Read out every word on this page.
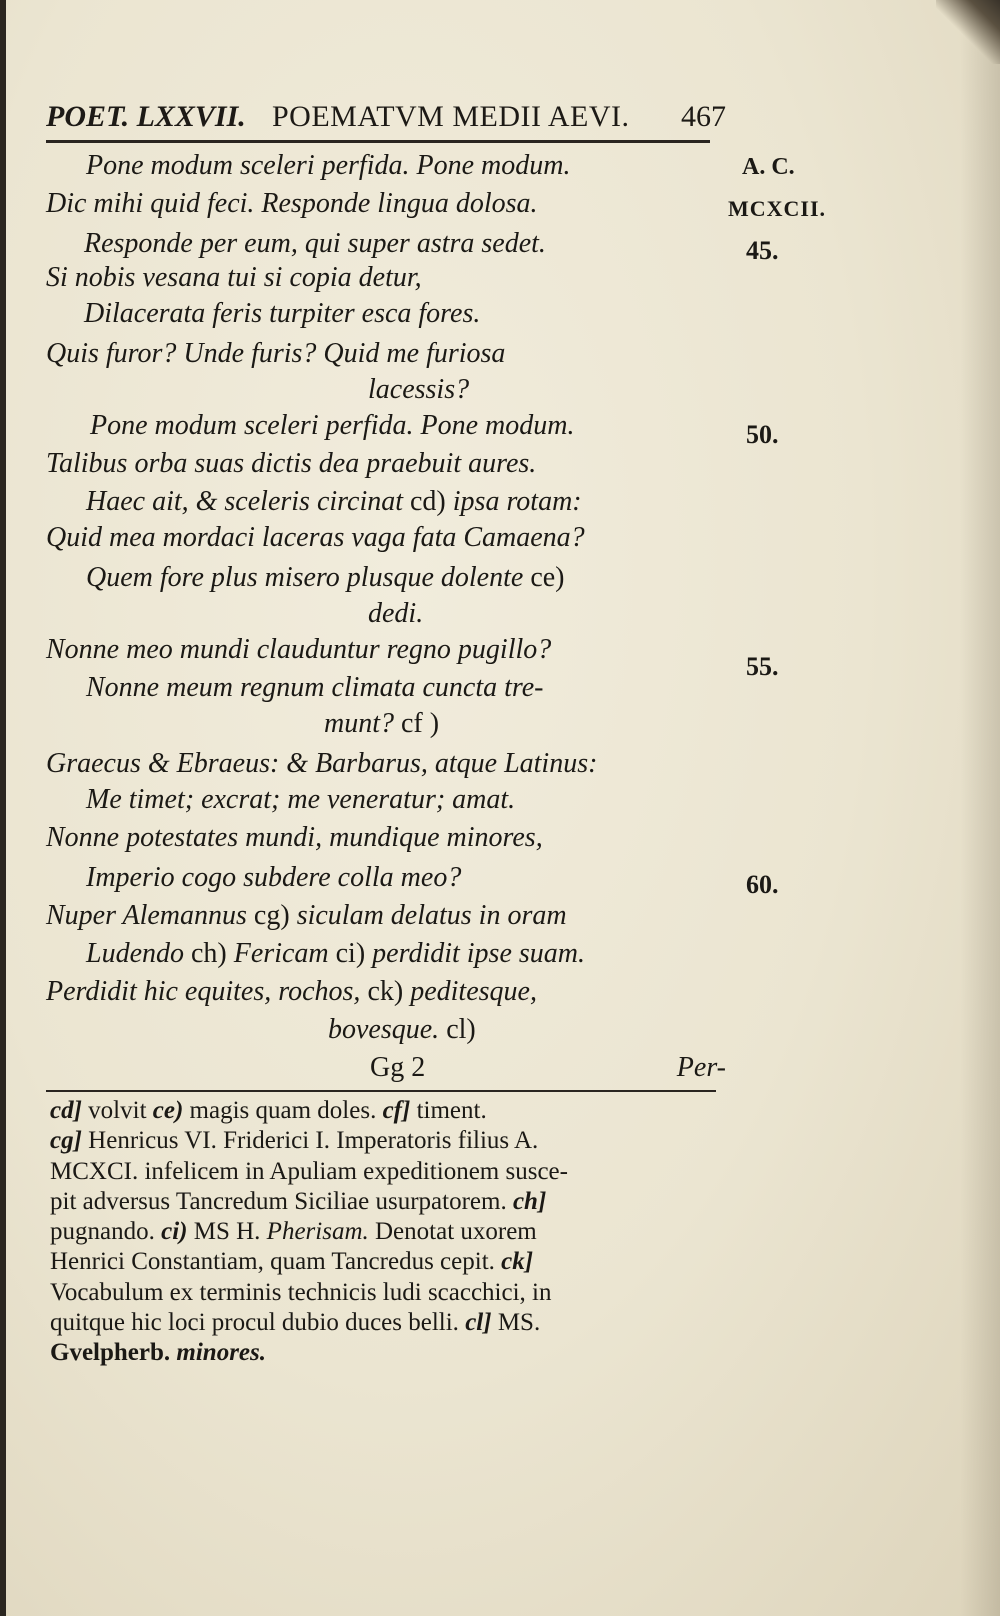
POET. LXXVII. POEMATVM MEDII AEVI. 467
A. C.
MCXCII.
45.
50.
55.
60.
Pone modum sceleri perfida. Pone modum.
Dic mihi quid feci. Responde lingua dolosa.
Responde per eum, qui super astra sedet.
Si nobis vesana tui si copia detur,
Dilacerata feris turpiter esca fores.
Quis furor? Unde furis? Quid me furiosa
lacessis?
Pone modum sceleri perfida. Pone modum.
Talibus orba suas dictis dea praebuit aures.
Haec ait, & sceleris circinat cd) ipsa rotam:
Quid mea mordaci laceras vaga fata Camaena?
Quem fore plus misero plusque dolente ce)
dedi.
Nonne meo mundi clauduntur regno pugillo?
Nonne meum regnum climata cuncta tre-
munt? cf )
Graecus & Ebraeus: & Barbarus, atque Latinus:
Me timet; excrat; me veneratur; amat.
Nonne potestates mundi, mundique minores,
Imperio cogo subdere colla meo?
Nuper Alemannus cg) siculam delatus in oram
Ludendo ch) Fericam ci) perdidit ipse suam.
Perdidit hic equites, rochos, ck) peditesque,
bovesque. cl)
Gg 2	Per-
cd] volvit ce) magis quam doles. cf] timent.
cg] Henricus VI. Friderici I. Imperatoris filius A.
MCXCI. infelicem in Apuliam expeditionem susce-
pit adversus Tancredum Siciliae usurpatorem. ch]
pugnando. ci) MS H. Pherisam. Denotat uxorem
Henrici Constantiam, quam Tancredus cepit. ck]
Vocabulum ex terminis technicis ludi scacchici, in
quitque hic loci procul dubio duces belli. cl] MS.
Gvelpherb. minores.
